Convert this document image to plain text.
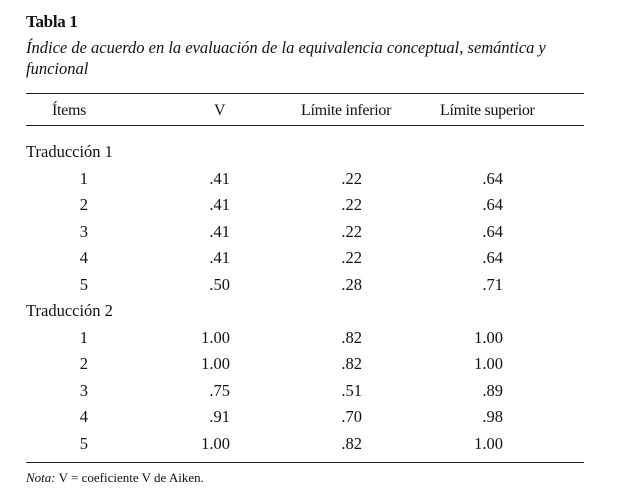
Tabla 1
Índice de acuerdo en la evaluación de la equivalencia conceptual, semántica y funcional
Ítems	V	Límite inferior	Límite superior
Traducción 1
1	.41	.22	.64
2	.41	.22	.64
3	.41	.22	.64
4	.41	.22	.64
5	.50	.28	.71
Traducción 2
1	1.00	.82	1.00
2	1.00	.82	1.00
3	.75	.51	.89
4	.91	.70	.98
5	1.00	.82	1.00
Nota: V = coeficiente V de Aiken.
